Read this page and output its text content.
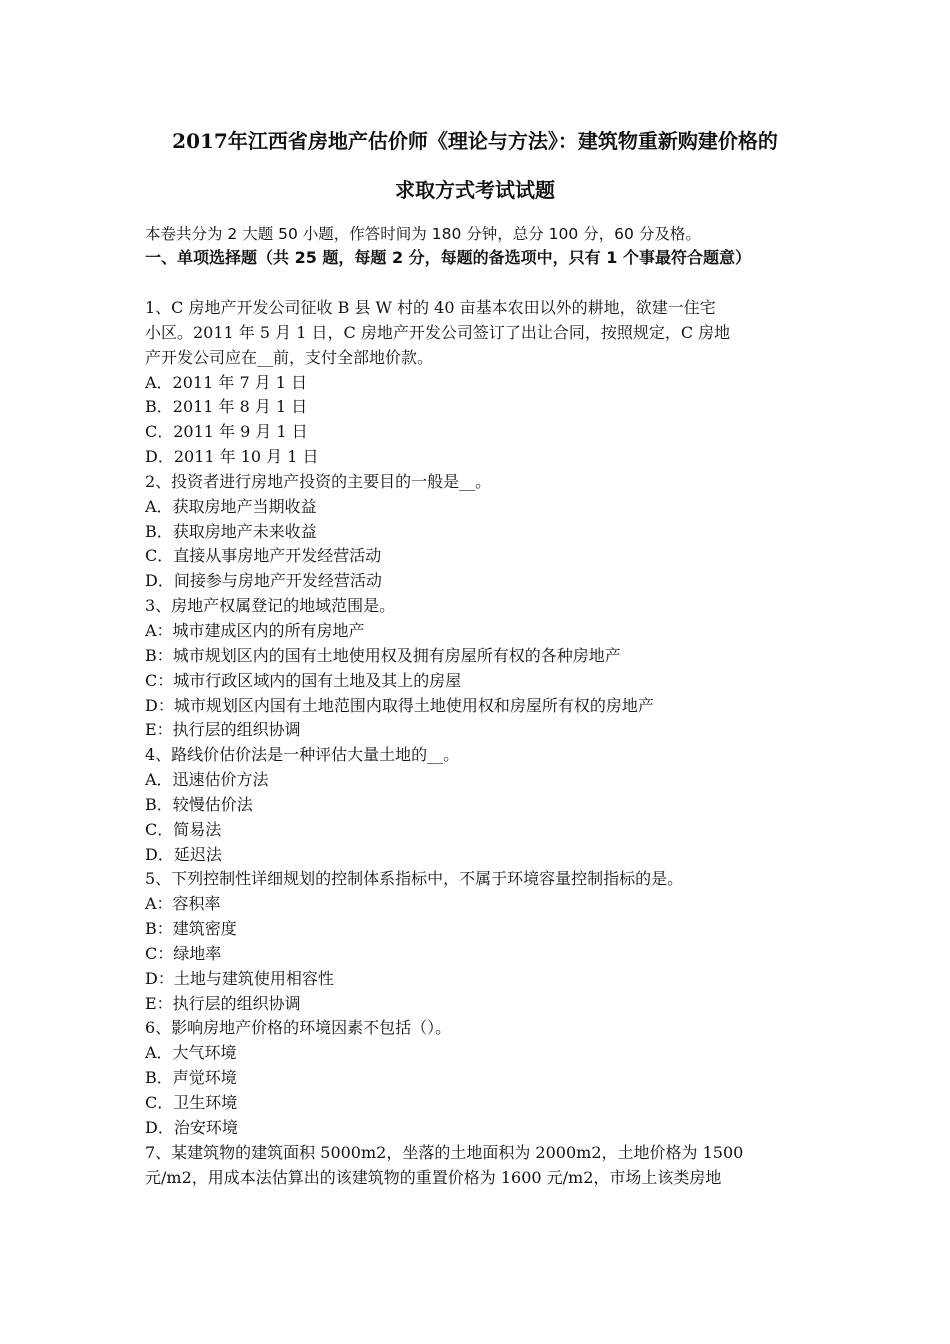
2017年江西省房地产估价师《理论与方法》：建筑物重新购建价格的
求取方式考试试题
本卷共分为 2 大题 50 小题，作答时间为 180 分钟，总分 100 分，60 分及格。
一、单项选择题（共 25 题，每题 2 分，每题的备选项中，只有 1 个事最符合题意）
1、C 房地产开发公司征收 B 县 W 村的 40 亩基本农田以外的耕地，欲建一住宅
小区。2011 年 5 月 1 日，C 房地产开发公司签订了出让合同，按照规定，C 房地
产开发公司应在__前，支付全部地价款。
A．2011 年 7 月 1 日
B．2011 年 8 月 1 日
C．2011 年 9 月 1 日
D．2011 年 10 月 1 日
2、投资者进行房地产投资的主要目的一般是__。
A．获取房地产当期收益
B．获取房地产未来收益
C．直接从事房地产开发经营活动
D．间接参与房地产开发经营活动
3、房地产权属登记的地域范围是。
A：城市建成区内的所有房地产
B：城市规划区内的国有土地使用权及拥有房屋所有权的各种房地产
C：城市行政区域内的国有土地及其上的房屋
D：城市规划区内国有土地范围内取得土地使用权和房屋所有权的房地产
E：执行层的组织协调
4、路线价估价法是一种评估大量土地的__。
A．迅速估价方法
B．较慢估价法
C．简易法
D．延迟法
5、下列控制性详细规划的控制体系指标中，不属于环境容量控制指标的是。
A：容积率
B：建筑密度
C：绿地率
D：土地与建筑使用相容性
E：执行层的组织协调
6、影响房地产价格的环境因素不包括（）。
A．大气环境
B．声觉环境
C．卫生环境
D．治安环境
7、某建筑物的建筑面积 5000m2，坐落的土地面积为 2000m2，土地价格为 1500
元/m2，用成本法估算出的该建筑物的重置价格为 1600 元/m2，市场上该类房地
